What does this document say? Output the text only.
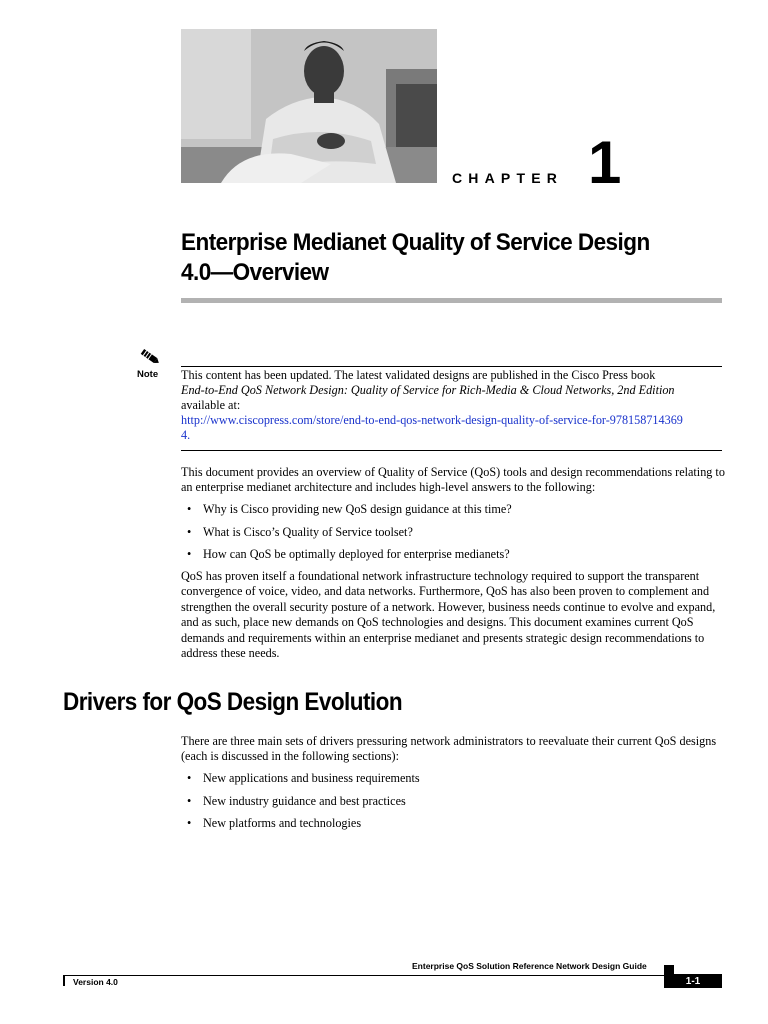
CHAPTER 1
Enterprise Medianet Quality of Service Design 4.0—Overview
Note This content has been updated. The latest validated designs are published in the Cisco Press book
End-to-End QoS Network Design: Quality of Service for Rich-Media & Cloud Networks, 2nd Edition
available at:
http://www.ciscopress.com/store/end-to-end-qos-network-design-quality-of-service-for-978158714369
4.
This document provides an overview of Quality of Service (QoS) tools and design recommendations relating to an enterprise medianet architecture and includes high-level answers to the following:
• Why is Cisco providing new QoS design guidance at this time?
• What is Cisco’s Quality of Service toolset?
• How can QoS be optimally deployed for enterprise medianets?
QoS has proven itself a foundational network infrastructure technology required to support the transparent convergence of voice, video, and data networks. Furthermore, QoS has also been proven to complement and strengthen the overall security posture of a network. However, business needs continue to evolve and expand, and as such, place new demands on QoS technologies and designs. This document examines current QoS demands and requirements within an enterprise medianet and presents strategic design recommendations to address these needs.
Drivers for QoS Design Evolution
There are three main sets of drivers pressuring network administrators to reevaluate their current QoS designs (each is discussed in the following sections):
• New applications and business requirements
• New industry guidance and best practices
• New platforms and technologies
Enterprise QoS Solution Reference Network Design Guide
Version 4.0	1-1
